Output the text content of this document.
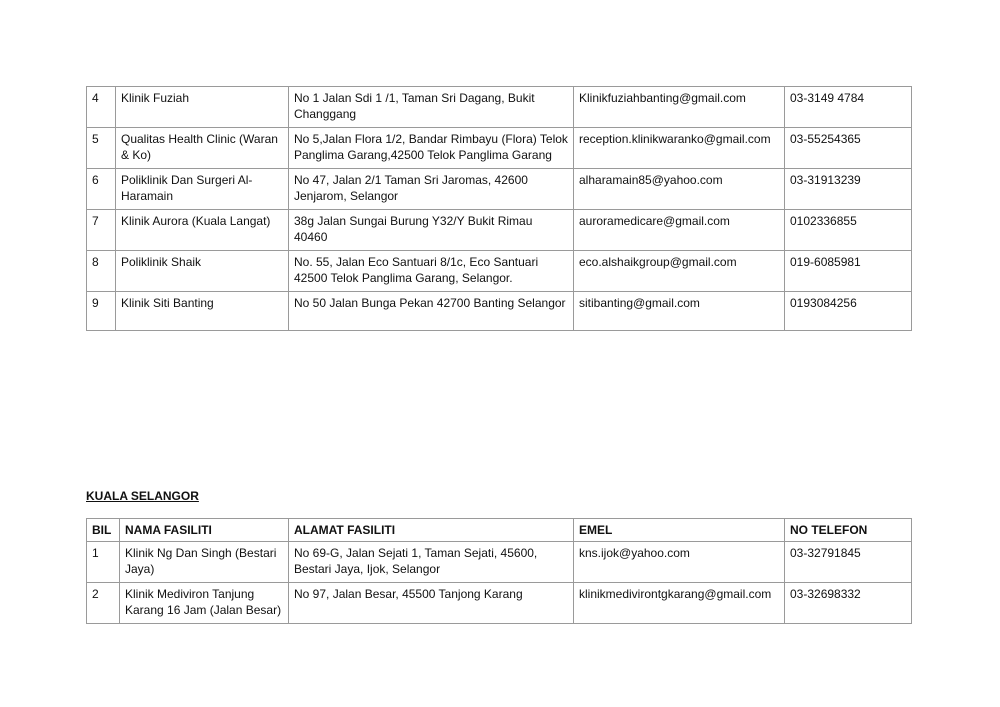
4	Klinik Fuziah	No 1 Jalan Sdi 1 /1, Taman Sri Dagang, Bukit Changgang	Klinikfuziahbanting@gmail.com	03-3149 4784
5	Qualitas Health Clinic (Waran & Ko)	No 5,Jalan Flora 1/2, Bandar Rimbayu (Flora) Telok Panglima Garang,42500 Telok Panglima Garang	reception.klinikwaranko@gmail.com	03-55254365
6	Poliklinik Dan Surgeri Al-Haramain	No 47, Jalan 2/1 Taman Sri Jaromas, 42600 Jenjarom, Selangor	alharamain85@yahoo.com	03-31913239
7	Klinik Aurora (Kuala Langat)	38g Jalan Sungai Burung Y32/Y Bukit Rimau 40460	auroramedicare@gmail.com	0102336855
8	Poliklinik Shaik	No. 55, Jalan Eco Santuari 8/1c, Eco Santuari 42500 Telok Panglima Garang, Selangor.	eco.alshaikgroup@gmail.com	019-6085981
9	Klinik Siti Banting	No 50 Jalan Bunga Pekan 42700 Banting Selangor	sitibanting@gmail.com	0193084256
KUALA SELANGOR
BIL	NAMA FASILITI	ALAMAT FASILITI	EMEL	NO TELEFON
1	Klinik Ng Dan Singh (Bestari Jaya)	No 69-G, Jalan Sejati 1, Taman Sejati, 45600, Bestari Jaya, Ijok, Selangor	kns.ijok@yahoo.com	03-32791845
2	Klinik Mediviron Tanjung Karang 16 Jam (Jalan Besar)	No 97, Jalan Besar, 45500 Tanjong Karang	klinikmedivirontgkarang@gmail.com	03-32698332
